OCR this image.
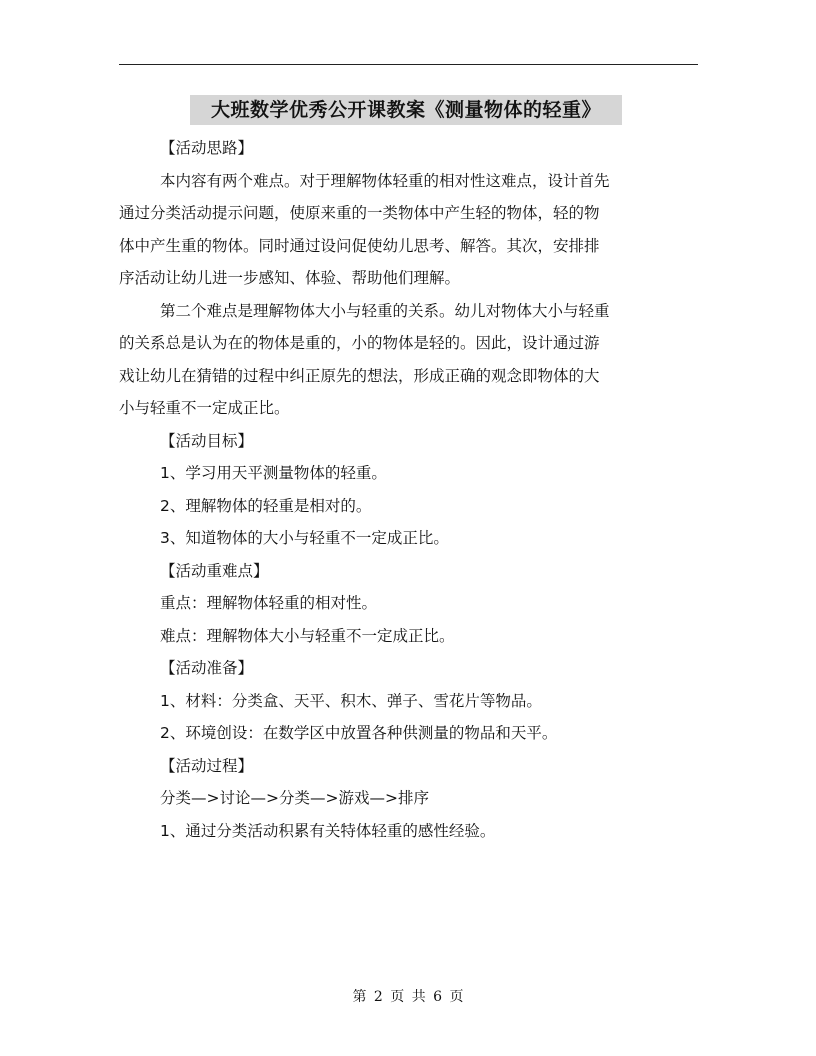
大班数学优秀公开课教案《测量物体的轻重》

【活动思路】

本内容有两个难点。对于理解物体轻重的相对性这难点，设计首先
通过分类活动提示问题，使原来重的一类物体中产生轻的物体，轻的物
体中产生重的物体。同时通过设问促使幼儿思考、解答。其次，安排排
序活动让幼儿进一步感知、体验、帮助他们理解。
第二个难点是理解物体大小与轻重的关系。幼儿对物体大小与轻重
的关系总是认为在的物体是重的，小的物体是轻的。因此，设计通过游
戏让幼儿在猜错的过程中纠正原先的想法，形成正确的观念即物体的大
小与轻重不一定成正比。

【活动目标】

1、学习用天平测量物体的轻重。

2、理解物体的轻重是相对的。

3、知道物体的大小与轻重不一定成正比。

【活动重难点】

重点：理解物体轻重的相对性。

难点：理解物体大小与轻重不一定成正比。

【活动准备】

1、材料：分类盒、天平、积木、弹子、雪花片等物品。

2、环境创设：在数学区中放置各种供测量的物品和天平。

【活动过程】

分类—>讨论—>分类—>游戏—>排序

1、通过分类活动积累有关特体轻重的感性经验。

第 2 页 共 6 页
